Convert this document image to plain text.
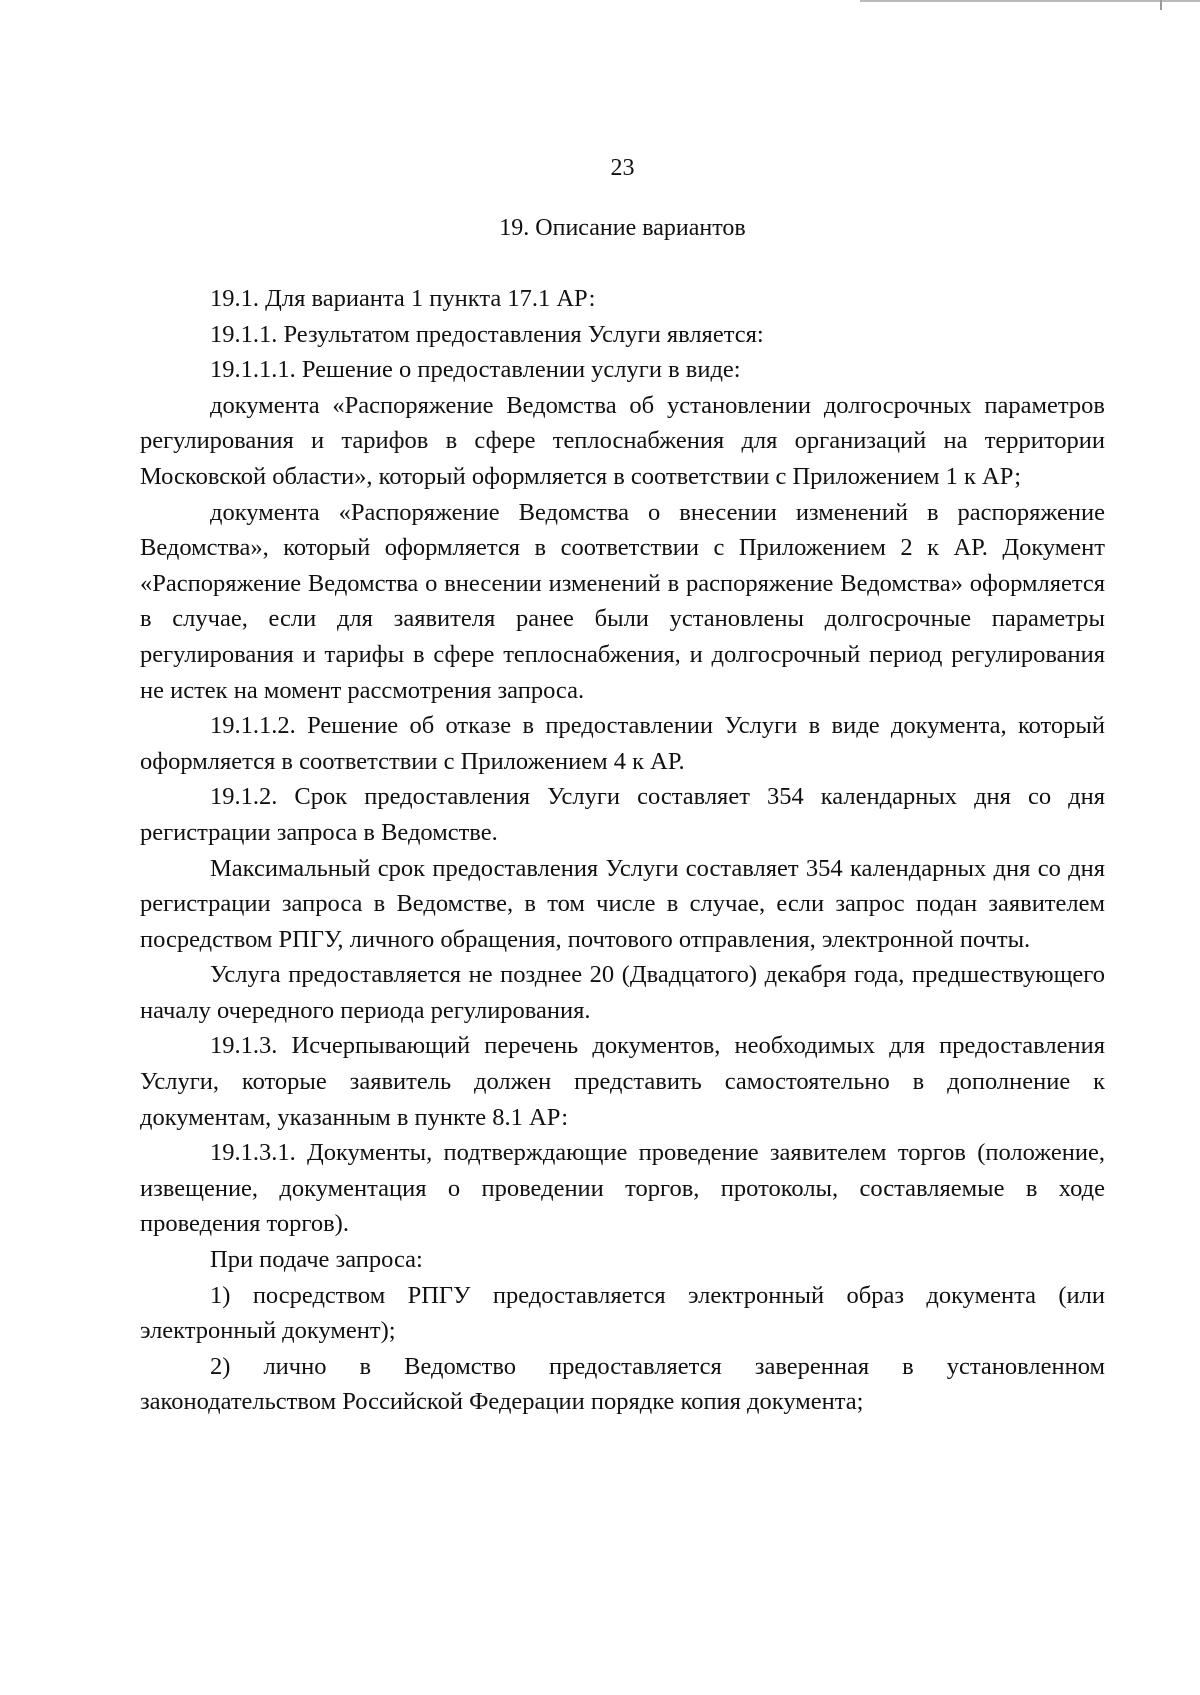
23
19. Описание вариантов

19.1. Для варианта 1 пункта 17.1 АР:

19.1.1. Результатом предоставления Услуги является:

19.1.1.1. Решение о предоставлении услуги в виде:

документа «Распоряжение Ведомства об установлении долгосрочных параметров регулирования и тарифов в сфере теплоснабжения для организаций на территории Московской области», который оформляется в соответствии с Приложением 1 к АР;

документа «Распоряжение Ведомства о внесении изменений в распоряжение Ведомства», который оформляется в соответствии с Приложением 2 к АР. Документ «Распоряжение Ведомства о внесении изменений в распоряжение Ведомства» оформляется в случае, если для заявителя ранее были установлены долгосрочные параметры регулирования и тарифы в сфере теплоснабжения, и долгосрочный период регулирования не истек на момент рассмотрения запроса.

19.1.1.2. Решение об отказе в предоставлении Услуги в виде документа, который оформляется в соответствии с Приложением 4 к АР.

19.1.2. Срок предоставления Услуги составляет 354 календарных дня со дня регистрации запроса в Ведомстве.

Максимальный срок предоставления Услуги составляет 354 календарных дня со дня регистрации запроса в Ведомстве, в том числе в случае, если запрос подан заявителем посредством РПГУ, личного обращения, почтового отправления, электронной почты.

Услуга предоставляется не позднее 20 (Двадцатого) декабря года, предшествующего началу очередного периода регулирования.

19.1.3. Исчерпывающий перечень документов, необходимых для предоставления Услуги, которые заявитель должен представить самостоятельно в дополнение к документам, указанным в пункте 8.1 АР:

19.1.3.1. Документы, подтверждающие проведение заявителем торгов (положение, извещение, документация о проведении торгов, протоколы, составляемые в ходе проведения торгов).

При подаче запроса:

1) посредством РПГУ предоставляется электронный образ документа (или электронный документ);

2) лично в Ведомство предоставляется заверенная в установленном законодательством Российской Федерации порядке копия документа;
